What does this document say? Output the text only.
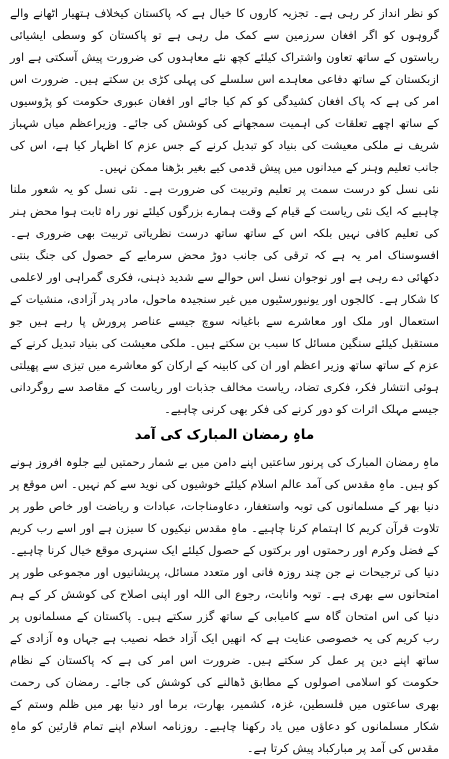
کو نظر انداز کر رہی ہے۔ تجزیہ کاروں کا خیال ہے کہ پاکستان کیخلاف ہتھیار اٹھانے والے گروہوں کو اگر افغان سرزمین سے کمک مل رہی ہے تو پاکستان کو وسطی ایشیائی ریاستوں کے ساتھ تعاون واشتراک کیلئے کچھ نئے معاہدوں کی ضرورت پیش آسکتی ہے اور ازبکستان کے ساتھ دفاعی معاہدے اس سلسلے کی پہلی کڑی بن سکتے ہیں۔ ضرورت اس امر کی ہے کہ پاک افغان کشیدگی کو کم کیا جائے اور افغان عبوری حکومت کو پڑوسیوں کے ساتھ اچھے تعلقات کی اہمیت سمجھانے کی کوشش کی جائے۔ وزیراعظم میاں شہباز شریف نے ملکی معیشت کی بنیاد کو تبدیل کرنے کے جس عزم کا اظہار کیا ہے، اس کی جانب تعلیم وہنر کے میدانوں میں پیش قدمی کیے بغیر بڑھنا ممکن نہیں۔

نئی نسل کو درست سمت پر تعلیم وتربیت کی ضرورت ہے۔ نئی نسل کو یہ شعور ملنا چاہیے کہ ایک نئی ریاست کے قیام کے وقت ہمارے بزرگوں کیلئے نور راہ ثابت ہوا محض ہنر کی تعلیم کافی نہیں بلکہ اس کے ساتھ ساتھ درست نظریاتی تربیت بھی ضروری ہے۔ افسوسناک امر یہ ہے کہ ترقی کی جانب دوڑ محض سرمایے کے حصول کی جنگ بنتی دکھائی دے رہی ہے اور نوجوان نسل اس حوالے سے شدید ذہنی، فکری گمراہی اور لاعلمی کا شکار ہے۔ کالجوں اور یونیورسٹیوں میں غیر سنجیدہ ماحول، مادر پدر آزادی، منشیات کے استعمال اور ملک اور معاشرے سے باغیانہ سوچ جیسے عناصر پرورش پا رہے ہیں جو مستقبل کیلئے سنگین مسائل کا سبب بن سکتے ہیں۔ ملکی معیشت کی بنیاد تبدیل کرنے کے عزم کے ساتھ ساتھ وزیر اعظم اور ان کی کابینہ کے ارکان کو معاشرے میں تیزی سے پھیلتی ہوئی انتشار فکر، فکری تضاد، ریاست مخالف جذبات اور ریاست کے مقاصد سے روگردانی جیسے مہلک اثرات کو دور کرنے کی فکر بھی کرنی چاہیے۔

ماہِ رمضان المبارک کی آمد

ماہِ رمضان المبارک کی پرنور ساعتیں اپنے دامن میں بے شمار رحمتیں لیے جلوہ افروز ہونے کو ہیں۔ ماہِ مقدس کی آمد عالم اسلام کیلئے خوشیوں کی نوید سے کم نہیں۔ اس موقع پر دنیا بھر کے مسلمانوں کی توبہ واستغفار، دعاومناجات، عبادات و ریاضت اور خاص طور پر تلاوت قرآن کریم کا اہتمام کرنا چاہیے۔ ماہِ مقدس نیکیوں کا سیزن ہے اور اسے رب کریم کے فضل وکرم اور رحمتوں اور برکتوں کے حصول کیلئے ایک سنہری موقع خیال کرنا چاہیے۔ دنیا کی ترجیحات نے جن چند روزہ فانی اور متعدد مسائل، پریشانیوں اور مجموعی طور پر امتحانوں سے بھری ہے۔ توبہ وانابت، رجوع الی اللہ اور اپنی اصلاح کی کوشش کر کے ہم دنیا کی اس امتحان گاہ سے کامیابی کے ساتھ گزر سکتے ہیں۔ پاکستان کے مسلمانوں پر رب کریم کی یہ خصوصی عنایت ہے کہ انھیں ایک آزاد خطہ نصیب ہے جہاں وہ آزادی کے ساتھ اپنے دین پر عمل کر سکتے ہیں۔ ضرورت اس امر کی ہے کہ پاکستان کے نظام حکومت کو اسلامی اصولوں کے مطابق ڈھالنے کی کوشش کی جائے۔ رمضان کی رحمت بھری ساعتوں میں فلسطین، غزہ، کشمیر، بھارت، برما اور دنیا بھر میں ظلم وستم کے شکار مسلمانوں کو دعاؤں میں یاد رکھنا چاہیے۔ روزنامہ اسلام اپنے تمام قارئین کو ماہِ مقدس کی آمد پر مبارکباد پیش کرتا ہے۔
